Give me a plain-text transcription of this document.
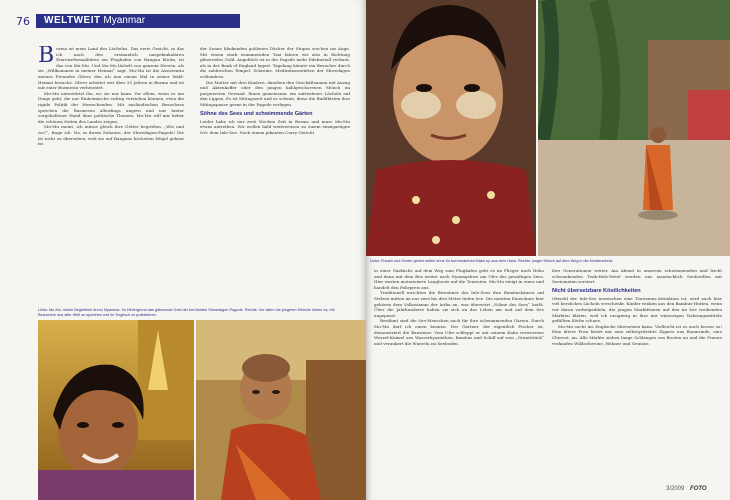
76	WELTWEIT Myanmar
B urma ist mein Land des Lächelns. Das erste Gesicht, in das ich nach den erstaunlich unspektakulären Einreiseformalitäten am Flughafen von Rangun blicke, ist das von Mu-Mu. Und Mu-Mu lächelt von ganzem Herzen, als sie „Willkommen in meiner Heimat“ sagt. Mu-Mu ist die Assistentin meines Freundes Oliver, den ich nun einem Mal in seiner Wahl-Heimat besuche. Oliver arbeitet seit über 20 Jahren in Burma und ist mit einer Burmesin verheiratet.
Mu-Mu unterstützt ihn, wo sie nur kann. Vor allem, wenn es um Dinge geht, die nur Einheimische richtig verstehen können, etwa die rigide Politik der Herrschenden. Mit ausländischen Besuchern sprechen die Burmesen allerdings ungern und nur hinter vorgehaltener Hand über politische Themen. Mu-Mu will mir lieber die schönen Seiten des Landes zeigen.
Mu-Mu meint, ich müsse gleich ihre Götter begrüßen. „Wie und wo?“, frage ich. Na, in ihrem Zuhause, der Shwedagon-Pagode! Die ist nicht zu übersehen, weil sie auf Ranguns höchstem Hügel gebaut ist.
der Sonne blinkenden goldenen Dächer der Stupas stechen ins Auge. Mit einem stark wummernden Taxi fahren wir also in Richtung glitzerndes Gold. Angeblich ist in der Pagode mehr Edelmetall verbaut, als in der Bank of England lagert. Tagelang könnte ein Besucher durch die zahlreichen Tempel, Schreine, Meditationsstätten der Shwedagon schlendern.
Die Mutter mit drei Kindern, daneben den Geschäftsmann mit Anzug und Aktenkoffer oder den jungen kahlgeschorenen Mönch im purpurroten Gewand. Ihnen gemeinsam: ein zufriedenes Lächeln auf den Lippen. Es ist Mittagszeit und es scheint, diese die Buddhisten ihre Mittagspause gerne in der Pagode verlegen.
Söhne des Sees und schwimmende Gärten
Leider habe ich nur zwei Wochen Zeit in Burma und muss Mu-Mu etwas antreiben. Wir wollen bald weiterreisen zu einem einzigartigen Ort: dem Inle-See. Nach einem pikanten Curry-Gericht
Links: Mu-Mu, meine Begleiterin durch Myanmar. Im Hintergrund das glänzende Gold der berühmten Shwedagon-Pagode. Rechts: Vor allem die jüngeren Mönche lieben es, mit Besuchern aus aller Welt zu sprechen und ihr Englisch zu praktizieren.
Links: Frauen und Kinder gehen selten ohne ihr burmesisches Make-up aus dem Haus. Rechts: junger Mönch auf dem Weg in die Klosterschule.
in einer Garküche auf dem Weg zum Flughafen geht es im Flieger nach Heho und dann mit dem Bus weiter nach Nyaungshwe am Ufer des gewaltigen Sees. Hier warten motorisierte Langboote auf die Touristen. Mu-Mu steigt in eines und handelt den Fahrpreis aus.
Traditionell errichten die Bewohner des Inle-Sees ihre Bambushäuser auf Stelzen mitten im nur zwei bis drei Meter tiefen See. Die meisten Einwohner hier gehören dem Volksstamm der Intha an, was übersetzt „Söhne des Sees“ heißt. Über die Jahrhunderte haben sie sich an das Leben am und auf dem See angepasst.
Berühmt sind die See-Menschen auch für ihre schwimmenden Gärten. Durch Mu-Mu darf ich einen kennen. Der Gärtner, der eigentlich Fischer ist, demonstriert die Bauweise: Vom Ufer schleppt er mit seinem Kahn verworrene Wurzel-Knäuel aus Wasserhyazinthen, Bambus und Schilf auf sein „Grundstück“ und verankert die Wurzeln im Seeboden.
ihre Generationen weiter. Am Abend in unserem schwimmenden und leicht schwankenden Teak-Holz-Hotel werden uns iasatischlich Seeforellen mit Seetomaten serviert.
Nicht übersetzbare Köstlichkeiten
Obwohl der Inle-See inzwischen eine Tourismus-Attraktion ist, wird auch hier viel herzliches Lächeln verschenkt. Kinder winken aus den Bambus-Hütten, wenn wir daran vorbeipaddeln, die jungen Marktfrauen auf den im See treibenden Märkten klären, weil ich neugierig in ihre mit wässerigen Nahrungsmitteln gefüllten Körbe schaue.
Mu-Mu sucht ins Englische übersetzen kann. Vielleicht ist es auch besser so! Eine ältere Frau bietet mir eine selbstgedrehte Zigarre aus Baumrinde, eine Cheroot, an. Alle Märkte ziehen lange Schlangen von Booten an und die Frauen verkaufen Wildschweine, Hühner und Gemüse.
3/2009 FOTO
